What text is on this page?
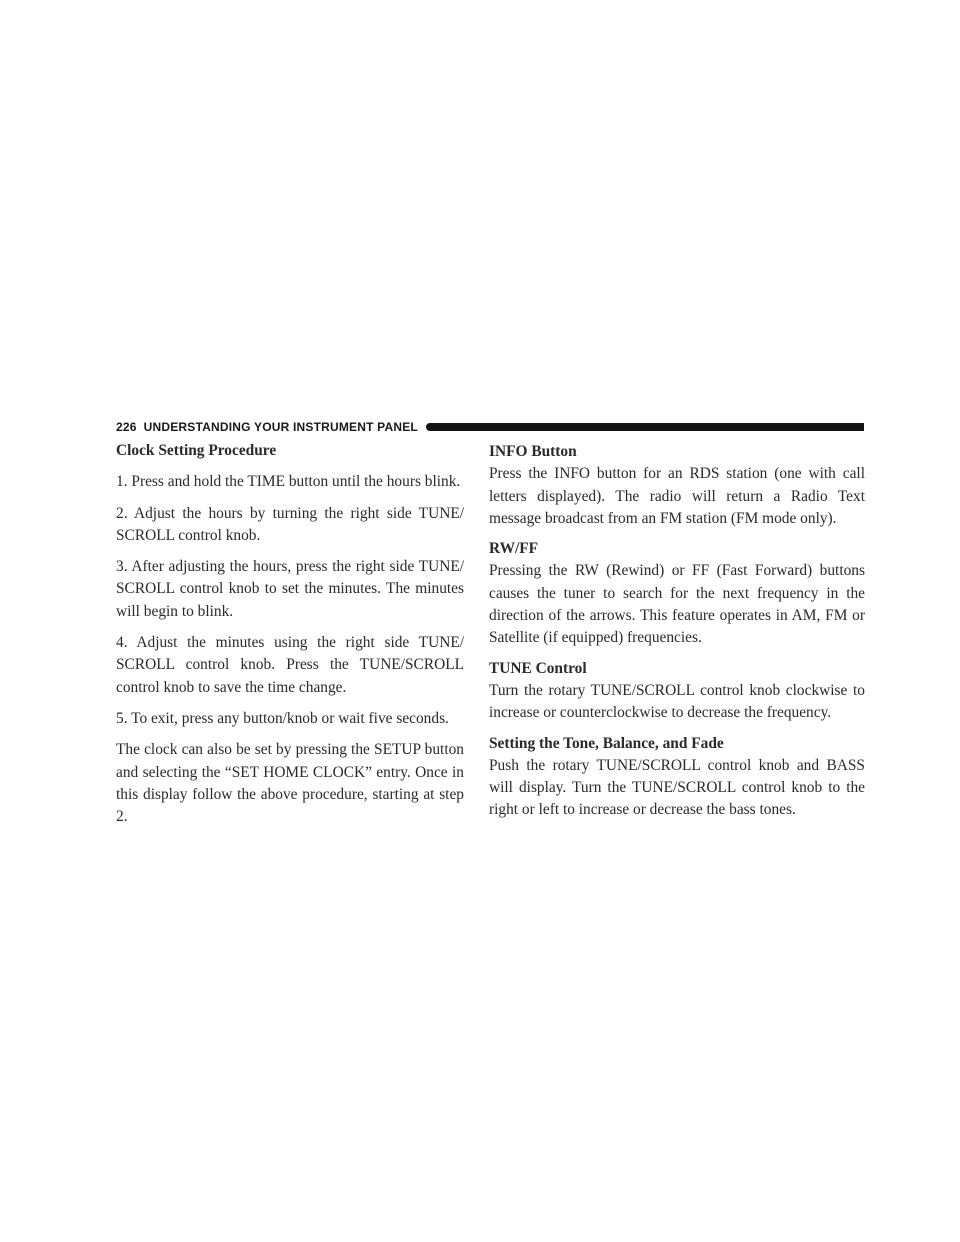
226 UNDERSTANDING YOUR INSTRUMENT PANEL
Clock Setting Procedure

1. Press and hold the TIME button until the hours blink.

2. Adjust the hours by turning the right side TUNE/ SCROLL control knob.

3. After adjusting the hours, press the right side TUNE/ SCROLL control knob to set the minutes. The minutes will begin to blink.

4. Adjust the minutes using the right side TUNE/ SCROLL control knob. Press the TUNE/SCROLL control knob to save the time change.

5. To exit, press any button/knob or wait five seconds.

The clock can also be set by pressing the SETUP button and selecting the “SET HOME CLOCK” entry. Once in this display follow the above procedure, starting at step 2.

INFO Button

Press the INFO button for an RDS station (one with call letters displayed). The radio will return a Radio Text message broadcast from an FM station (FM mode only).

RW/FF

Pressing the RW (Rewind) or FF (Fast Forward) buttons causes the tuner to search for the next frequency in the direction of the arrows. This feature operates in AM, FM or Satellite (if equipped) frequencies.

TUNE Control

Turn the rotary TUNE/SCROLL control knob clockwise to increase or counterclockwise to decrease the frequency.

Setting the Tone, Balance, and Fade

Push the rotary TUNE/SCROLL control knob and BASS will display. Turn the TUNE/SCROLL control knob to the right or left to increase or decrease the bass tones.
